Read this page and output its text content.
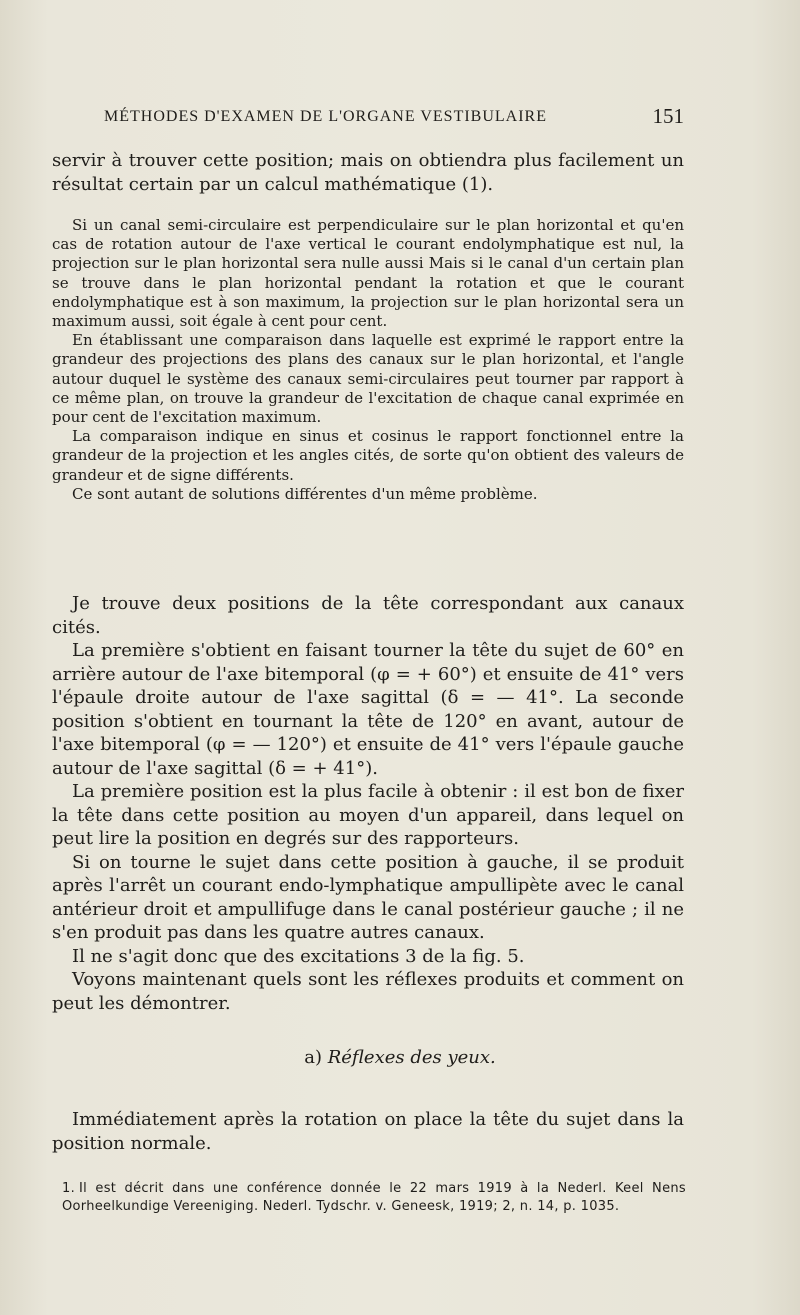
MÉTHODES D'EXAMEN DE L'ORGANE VESTIBULAIRE	151

servir à trouver cette position; mais on obtiendra plus facilement un résultat certain par un calcul mathématique (1).

Si un canal semi-circulaire est perpendiculaire sur le plan horizontal et qu'en cas de rotation autour de l'axe vertical le courant endolymphatique est nul, la projection sur le plan horizontal sera nulle aussi Mais si le canal d'un certain plan se trouve dans le plan horizontal pendant la rotation et que le courant endolymphatique est à son maximum, la projection sur le plan horizontal sera un maximum aussi, soit égale à cent pour cent.

En établissant une comparaison dans laquelle est exprimé le rapport entre la grandeur des projections des plans des canaux sur le plan horizontal, et l'angle autour duquel le système des canaux semi-circulaires peut tourner par rapport à ce même plan, on trouve la grandeur de l'excitation de chaque canal exprimée en pour cent de l'excitation maximum.

La comparaison indique en sinus et cosinus le rapport fonctionnel entre la grandeur de la projection et les angles cités, de sorte qu'on obtient des valeurs de grandeur et de signe différents.

Ce sont autant de solutions différentes d'un même problème.

Je trouve deux positions de la tête correspondant aux canaux cités.

La première s'obtient en faisant tourner la tête du sujet de 60° en arrière autour de l'axe bitemporal (φ = + 60°) et ensuite de 41° vers l'épaule droite autour de l'axe sagittal (δ = — 41°. La seconde position s'obtient en tournant la tête de 120° en avant, autour de l'axe bitemporal (φ = — 120°) et ensuite de 41° vers l'épaule gauche autour de l'axe sagittal (δ = + 41°).

La première position est la plus facile à obtenir : il est bon de fixer la tête dans cette position au moyen d'un appareil, dans lequel on peut lire la position en degrés sur des rapporteurs.

Si on tourne le sujet dans cette position à gauche, il se produit après l'arrêt un courant endo-lymphatique ampullipète avec le canal antérieur droit et ampullifuge dans le canal postérieur gauche ; il ne s'en produit pas dans les quatre autres canaux.

Il ne s'agit donc que des excitations 3 de la fig. 5.

Voyons maintenant quels sont les réflexes produits et comment on peut les démontrer.

a) Réflexes des yeux.

Immédiatement après la rotation on place la tête du sujet dans la position normale.

1. Il est décrit dans une conférence donnée le 22 mars 1919 à la Nederl. Keel Nens Oorheelkundige Vereeniging. Nederl. Tydschr. v. Geneesk, 1919; 2, n. 14, p. 1035.
